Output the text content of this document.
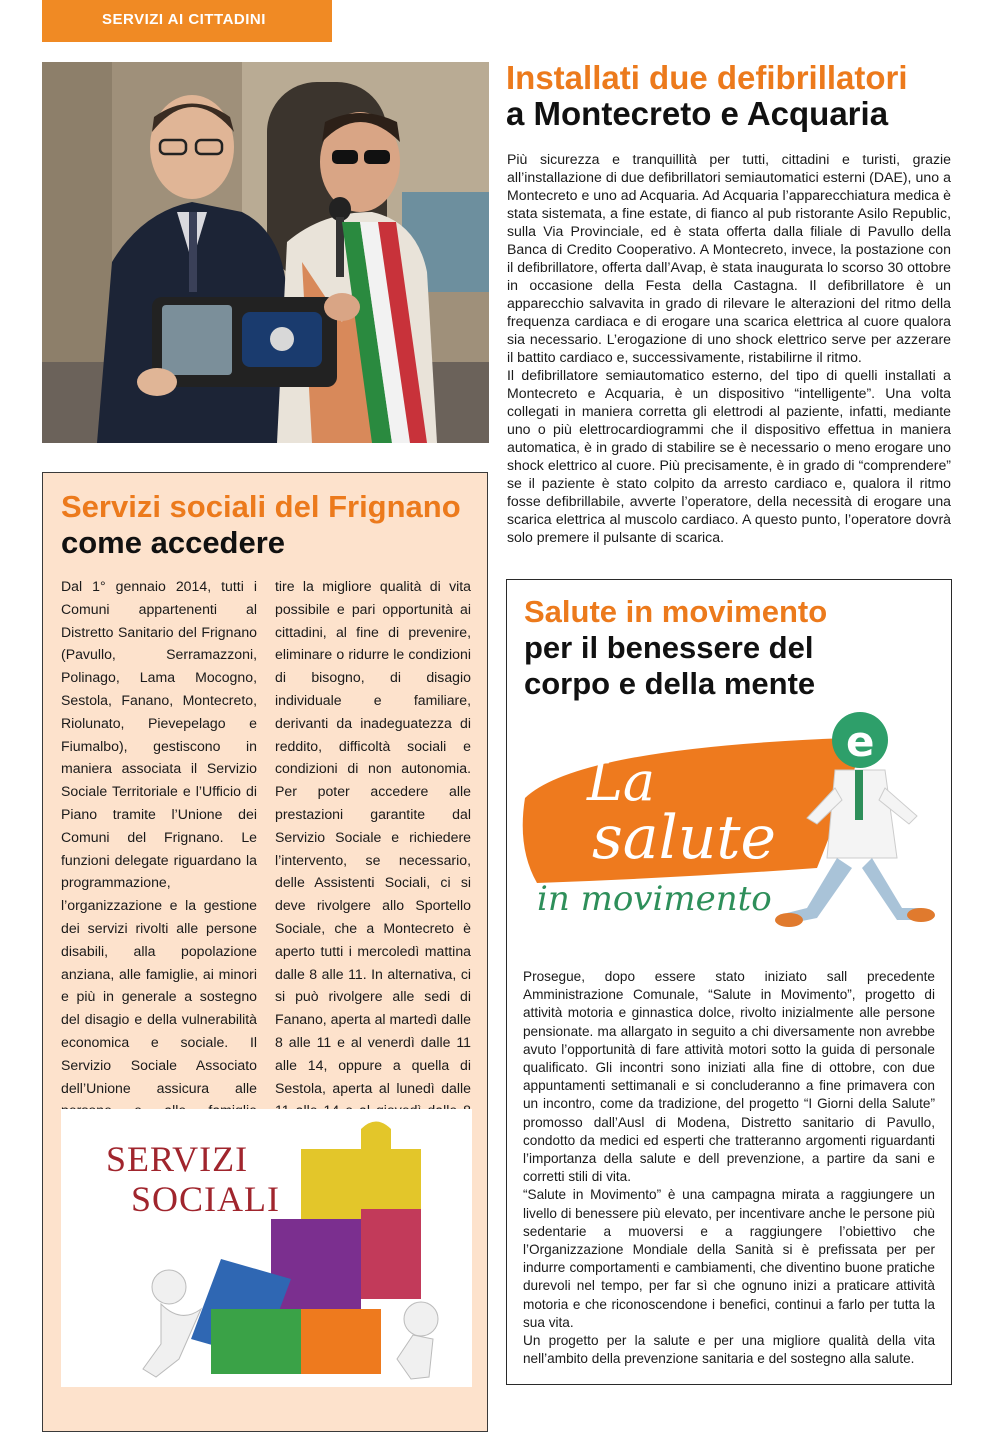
SERVIZI AI CITTADINI
Installati due defibrillatori
a Montecreto e Acquaria

Più sicurezza e tranquillità per tutti, cittadini e turisti, grazie all’installazione di due defibrillatori semiautomatici esterni (DAE), uno a Montecreto e uno ad Acquaria. Ad Acquaria l’apparecchiatura medica è stata sistemata, a fine estate, di fianco al pub ristorante Asilo Republic, sulla Via Provinciale, ed è stata offerta dalla filiale di Pavullo della Banca di Credito Cooperativo. A Montecreto, invece, la postazione con il defibrillatore, offerta dall’Avap, è stata inaugurata lo scorso 30 ottobre in occasione della Festa della Castagna. Il defibrillatore è un apparecchio salvavita in grado di rilevare le alterazioni del ritmo della frequenza cardiaca e di erogare una scarica elettrica al cuore qualora sia necessario. L’erogazione di uno shock elettrico serve per azzerare il battito cardiaco e, successivamente, ristabilirne il ritmo.

Il defibrillatore semiautomatico esterno, del tipo di quelli installati a Montecreto e Acquaria, è un dispositivo “intelligente”. Una volta collegati in maniera corretta gli elettrodi al paziente, infatti, mediante uno o più elettrocardiogrammi che il dispositivo effettua in maniera automatica, è in grado di stabilire se è necessario o meno erogare uno shock elettrico al cuore. Più precisamente, è in grado di “comprendere” se il paziente è stato colpito da arresto cardiaco e, qualora il ritmo fosse defibrillabile, avverte l’operatore, della necessità di erogare una scarica elettrica al muscolo cardiaco. A questo punto, l’operatore dovrà solo premere il pulsante di scarica.

Servizi sociali del Frignano
come accedere
Dal 1° gennaio 2014, tutti i Comuni appartenenti al Distretto Sanitario del Frignano (Pavullo, Serramazzoni, Polinago, Lama Mocogno, Sestola, Fanano, Montecreto, Riolunato, Pievepelago e Fiumalbo), gestiscono in maniera associata il Servizio Sociale Territoriale e l’Ufficio di Piano tramite l’Unione dei Comuni del Frignano. Le funzioni delegate riguardano la programmazione, l’organizzazione e la gestione dei servizi rivolti alle persone disabili, alla popolazione anziana, alle famiglie, ai minori e più in generale a sostegno del disagio e della vulnerabilità economica e sociale. Il Servizio Sociale Associato dell’Unione assicura alle
tire la migliore qualità di vita possibile e pari opportunità ai cittadini, al fine di prevenire, eliminare o ridurre le condizioni di bisogno, di disagio individuale e familiare, derivanti da inadeguatezza di reddito, difficoltà sociali e condizioni di non autonomia. Per poter accedere alle prestazioni garantite dal Servizio Sociale e richiedere l’intervento, se necessario, delle Assistenti Sociali, ci si deve rivolgere allo Sportello Sociale, che a Montecreto è aperto tutti i mercoledì mattina dalle 8 alle 11. In alternativa, ci si può rivolgere alle sedi di Fanano, aperta al martedì dalle 8 alle 11 e al venerdì dalle 11 alle 14, oppure a quella di Sestola, aperta al lunedì dalle
SERVIZI
SOCIALI
Salute in movimento
per il benessere del
corpo e della mente
La
salute
in movimento
e

Prosegue, dopo essere stato iniziato sall precedente Amministrazione Comunale, “Salute in Movimento”, progetto di attività motoria e ginnastica dolce, rivolto inizialmente alle persone pensionate. ma allargato in seguito a chi diversamente non avrebbe avuto l’opportunità di fare attività motori sotto la guida di personale qualificato. Gli incontri sono iniziati alla fine di ottobre, con due appuntamenti settimanali e si concluderanno a fine primavera con un incontro, come da tradizione, del progetto “I Giorni della Salute” promosso dall’Ausl di Modena, Distretto sanitario di Pavullo, condotto da medici ed esperti che tratteranno argomenti riguardanti l’importanza della salute e dell prevenzione, a partire da sani e corretti stili di vita.

“Salute in Movimento” è una campagna mirata a raggiungere un livello di benessere più elevato, per incentivare anche le persone più sedentarie a muoversi e a raggiungere l’obiettivo che l’Organizzazione Mondiale della Sanità si è prefissata per per indurre comportamenti e cambiamenti, che diventino buone pratiche durevoli nel tempo, per far sì che ognuno inizi a praticare attività motoria e che riconoscendone i benefici, continui a farlo per tutta la sua vita.

Un progetto per la salute e per una migliore qualità della vita nell’ambito della prevenzione sanitaria e del sostegno alla salute.
